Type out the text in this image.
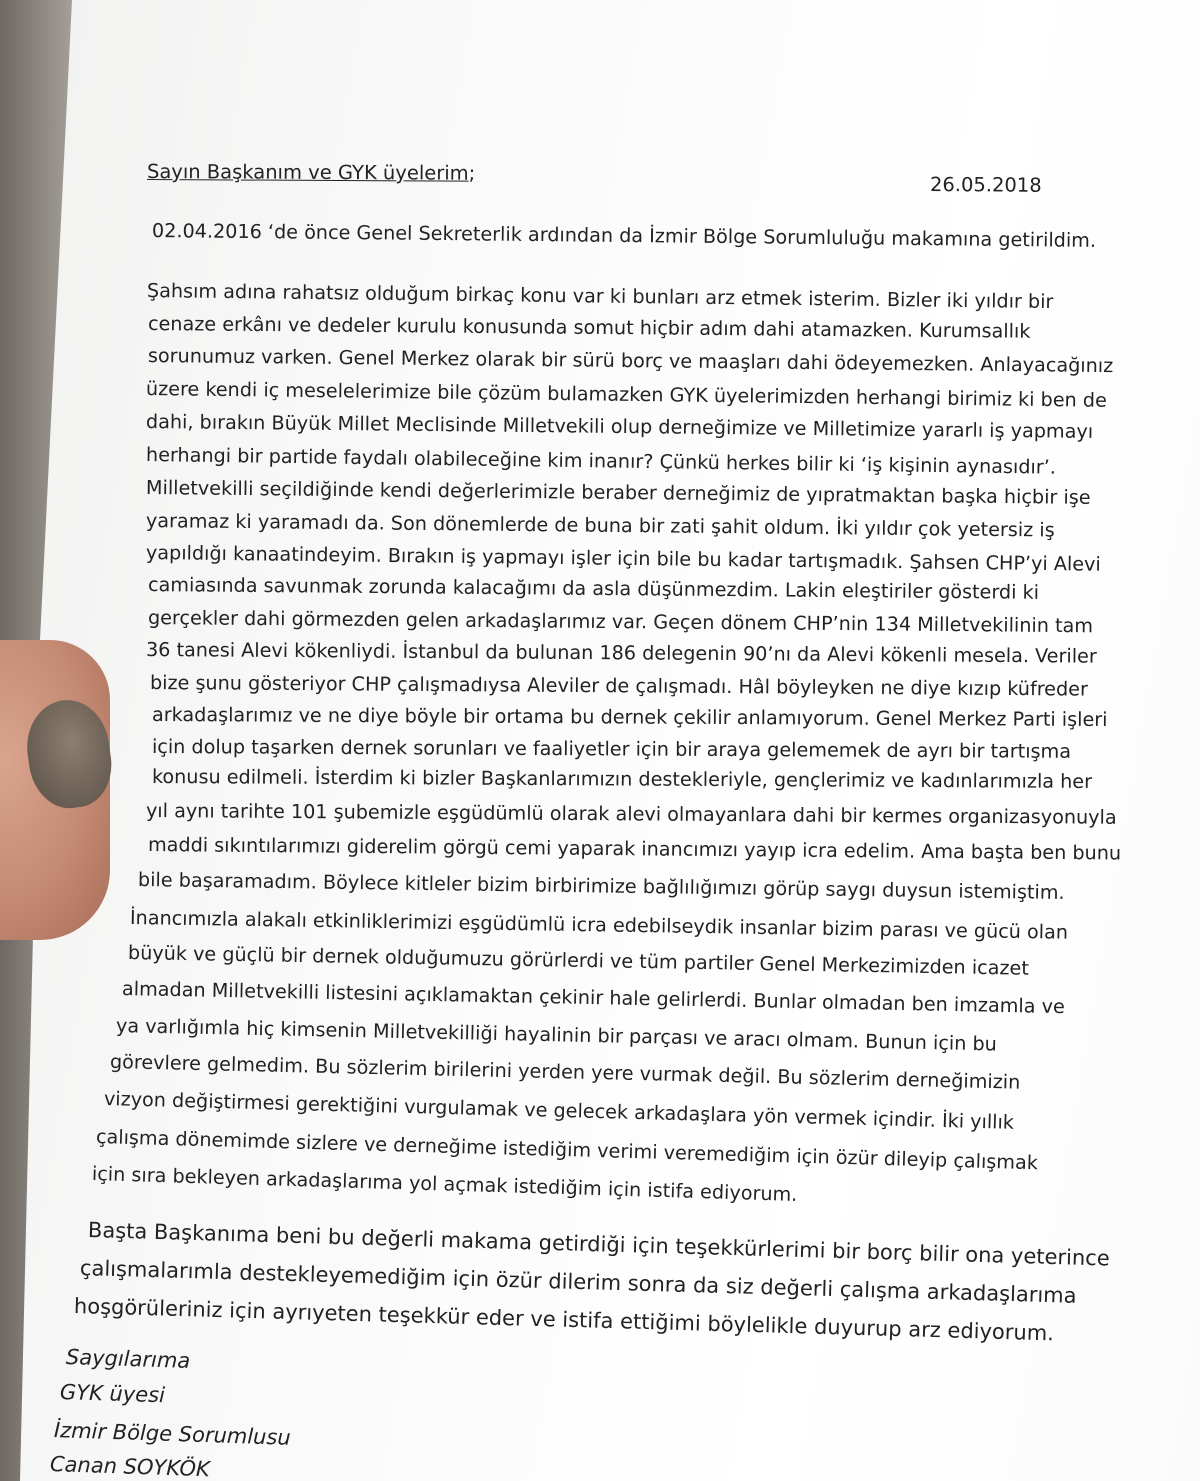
Sayın Başkanım ve GYK üyelerim;	26.05.2018
02.04.2016 ‘de önce Genel Sekreterlik ardından da İzmir Bölge Sorumluluğu makamına getirildim.
Şahsım adına rahatsız olduğum birkaç konu var ki bunları arz etmek isterim. Bizler iki yıldır bir
cenaze erkânı ve dedeler kurulu konusunda somut hiçbir adım dahi atamazken. Kurumsallık
sorunumuz varken. Genel Merkez olarak bir sürü borç ve maaşları dahi ödeyemezken. Anlayacağınız
üzere kendi iç meselelerimize bile çözüm bulamazken GYK üyelerimizden herhangi birimiz ki ben de
dahi, bırakın Büyük Millet Meclisinde Milletvekili olup derneğimize ve Milletimize yararlı iş yapmayı
herhangi bir partide faydalı olabileceğine kim inanır? Çünkü herkes bilir ki ‘iş kişinin aynasıdır’.
Milletvekilli seçildiğinde kendi değerlerimizle beraber derneğimiz de yıpratmaktan başka hiçbir işe
yaramaz ki yaramadı da. Son dönemlerde de buna bir zati şahit oldum. İki yıldır çok yetersiz iş
yapıldığı kanaatindeyim. Bırakın iş yapmayı işler için bile bu kadar tartışmadık. Şahsen CHP’yi Alevi
camiasında savunmak zorunda kalacağımı da asla düşünmezdim. Lakin eleştiriler gösterdi ki
gerçekler dahi görmezden gelen arkadaşlarımız var. Geçen dönem CHP’nin 134 Milletvekilinin tam
36 tanesi Alevi kökenliydi. İstanbul da bulunan 186 delegenin 90’nı da Alevi kökenli mesela. Veriler
bize şunu gösteriyor CHP çalışmadıysa Aleviler de çalışmadı. Hâl böyleyken ne diye kızıp küfreder
arkadaşlarımız ve ne diye böyle bir ortama bu dernek çekilir anlamıyorum. Genel Merkez Parti işleri
için dolup taşarken dernek sorunları ve faaliyetler için bir araya gelememek de ayrı bir tartışma
konusu edilmeli. İsterdim ki bizler Başkanlarımızın destekleriyle, gençlerimiz ve kadınlarımızla her
yıl aynı tarihte 101 şubemizle eşgüdümlü olarak alevi olmayanlara dahi bir kermes organizasyonuyla
maddi sıkıntılarımızı giderelim görgü cemi yaparak inancımızı yayıp icra edelim. Ama başta ben bunu
bile başaramadım. Böylece kitleler bizim birbirimize bağlılığımızı görüp saygı duysun istemiştim.
İnancımızla alakalı etkinliklerimizi eşgüdümlü icra edebilseydik insanlar bizim parası ve gücü olan
büyük ve güçlü bir dernek olduğumuzu görürlerdi ve tüm partiler Genel Merkezimizden icazet
almadan Milletvekilli listesini açıklamaktan çekinir hale gelirlerdi. Bunlar olmadan ben imzamla ve
ya varlığımla hiç kimsenin Milletvekilliği hayalinin bir parçası ve aracı olmam. Bunun için bu
görevlere gelmedim. Bu sözlerim birilerini yerden yere vurmak değil. Bu sözlerim derneğimizin
vizyon değiştirmesi gerektiğini vurgulamak ve gelecek arkadaşlara yön vermek içindir. İki yıllık
çalışma dönemimde sizlere ve derneğime istediğim verimi veremediğim için özür dileyip çalışmak
için sıra bekleyen arkadaşlarıma yol açmak istediğim için istifa ediyorum.
Başta Başkanıma beni bu değerli makama getirdiği için teşekkürlerimi bir borç bilir ona yeterince
çalışmalarımla destekleyemediğim için özür dilerim sonra da siz değerli çalışma arkadaşlarıma
hoşgörüleriniz için ayrıyeten teşekkür eder ve istifa ettiğimi böylelikle duyurup arz ediyorum.
Saygılarıma
GYK üyesi
İzmir Bölge Sorumlusu
Canan SOYKÖK
